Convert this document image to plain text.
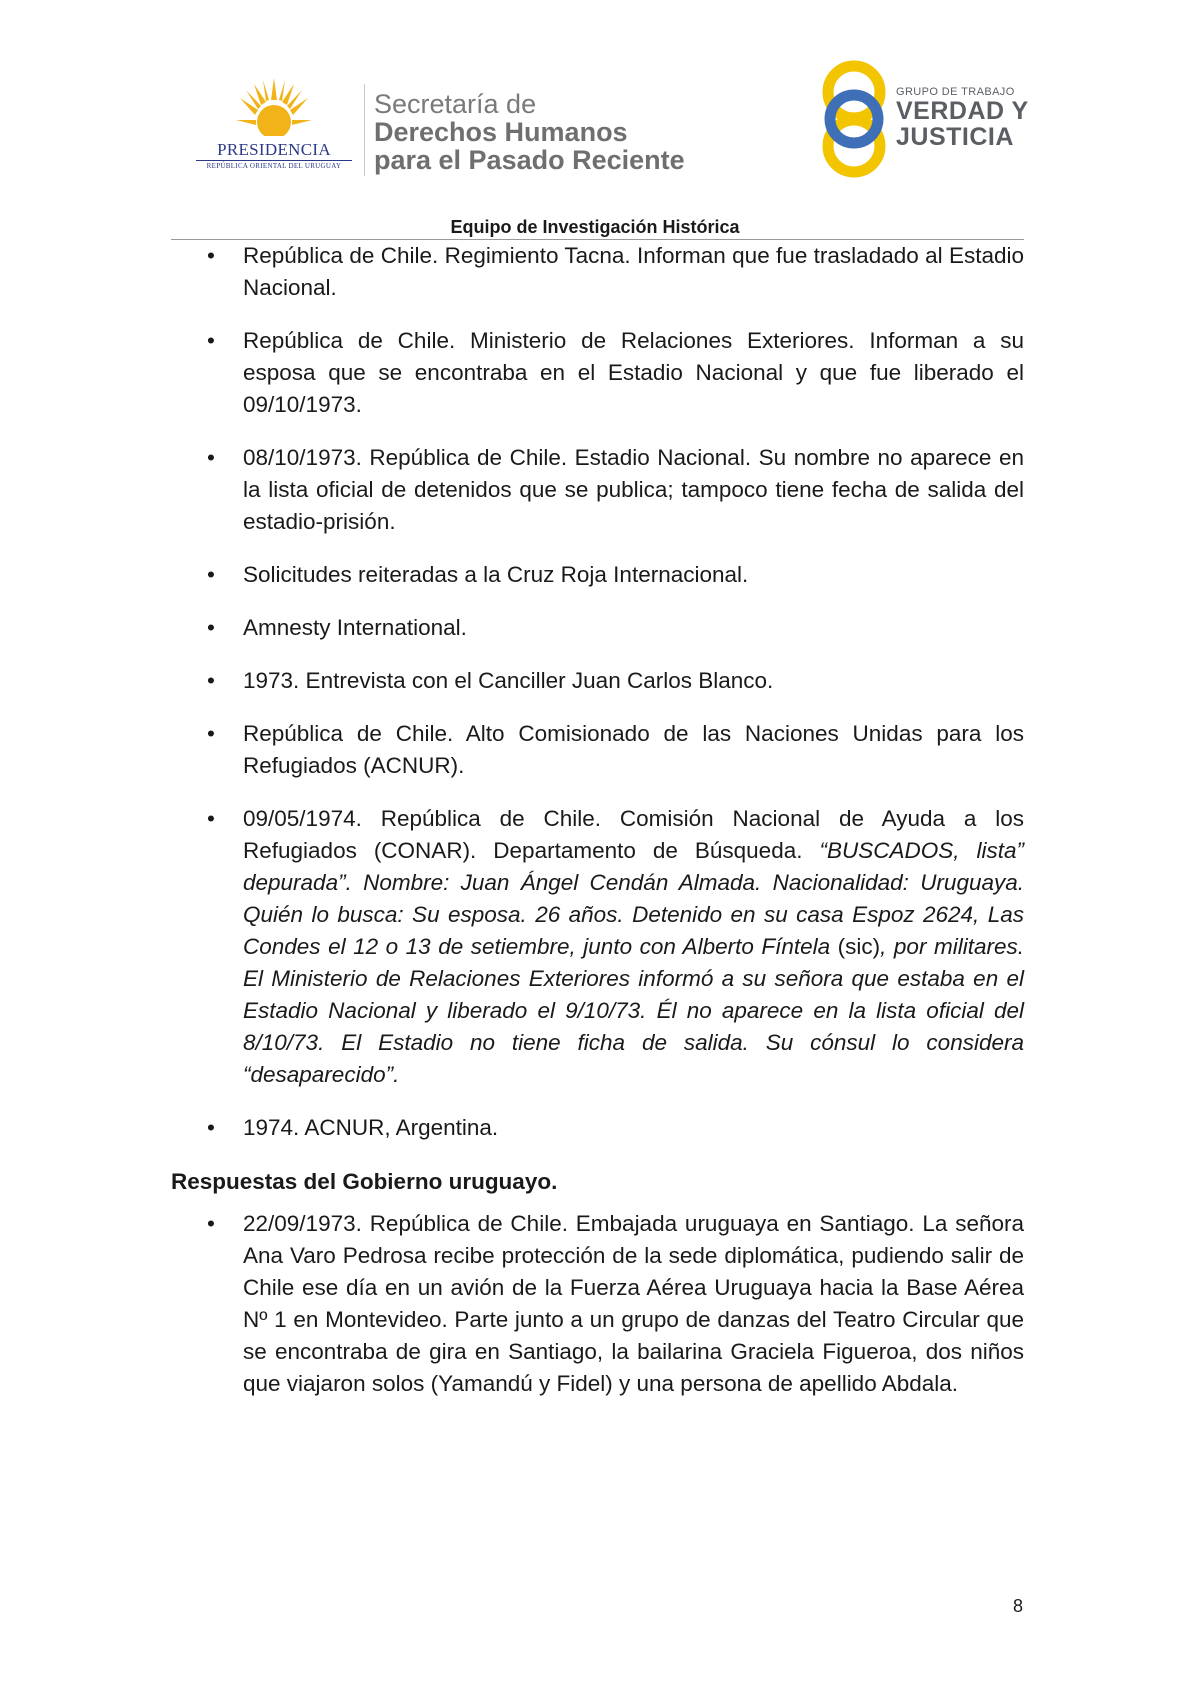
PRESIDENCIA
REPÚBLICA ORIENTAL DEL URUGUAY
Secretaría de
Derechos Humanos
para el Pasado Reciente
GRUPO DE TRABAJO
VERDAD Y
JUSTICIA
Equipo de Investigación Histórica
• República de Chile. Regimiento Tacna. Informan que fue trasladado al Estadio Nacional.
• República de Chile. Ministerio de Relaciones Exteriores. Informan a su esposa que se encontraba en el Estadio Nacional y que fue liberado el 09/10/1973.
• 08/10/1973. República de Chile. Estadio Nacional. Su nombre no aparece en la lista oficial de detenidos que se publica; tampoco tiene fecha de salida del estadio-prisión.
• Solicitudes reiteradas a la Cruz Roja Internacional.
• Amnesty International.
• 1973. Entrevista con el Canciller Juan Carlos Blanco.
• República de Chile. Alto Comisionado de las Naciones Unidas para los Refugiados (ACNUR).
• 09/05/1974. República de Chile. Comisión Nacional de Ayuda a los Refugiados (CONAR). Departamento de Búsqueda. “BUSCADOS, lista” depurada”. Nombre: Juan Ángel Cendán Almada. Nacionalidad: Uruguaya. Quién lo busca: Su esposa. 26 años. Detenido en su casa Espoz 2624, Las Condes el 12 o 13 de setiembre, junto con Alberto Fíntela (sic), por militares. El Ministerio de Relaciones Exteriores informó a su señora que estaba en el Estadio Nacional y liberado el 9/10/73. Él no aparece en la lista oficial del 8/10/73. El Estadio no tiene ficha de salida. Su cónsul lo considera “desaparecido”.
• 1974. ACNUR, Argentina.
Respuestas del Gobierno uruguayo.
• 22/09/1973. República de Chile. Embajada uruguaya en Santiago. La señora Ana Varo Pedrosa recibe protección de la sede diplomática, pudiendo salir de Chile ese día en un avión de la Fuerza Aérea Uruguaya hacia la Base Aérea Nº 1 en Montevideo. Parte junto a un grupo de danzas del Teatro Circular que se encontraba de gira en Santiago, la bailarina Graciela Figueroa, dos niños que viajaron solos (Yamandú y Fidel) y una persona de apellido Abdala.
8
